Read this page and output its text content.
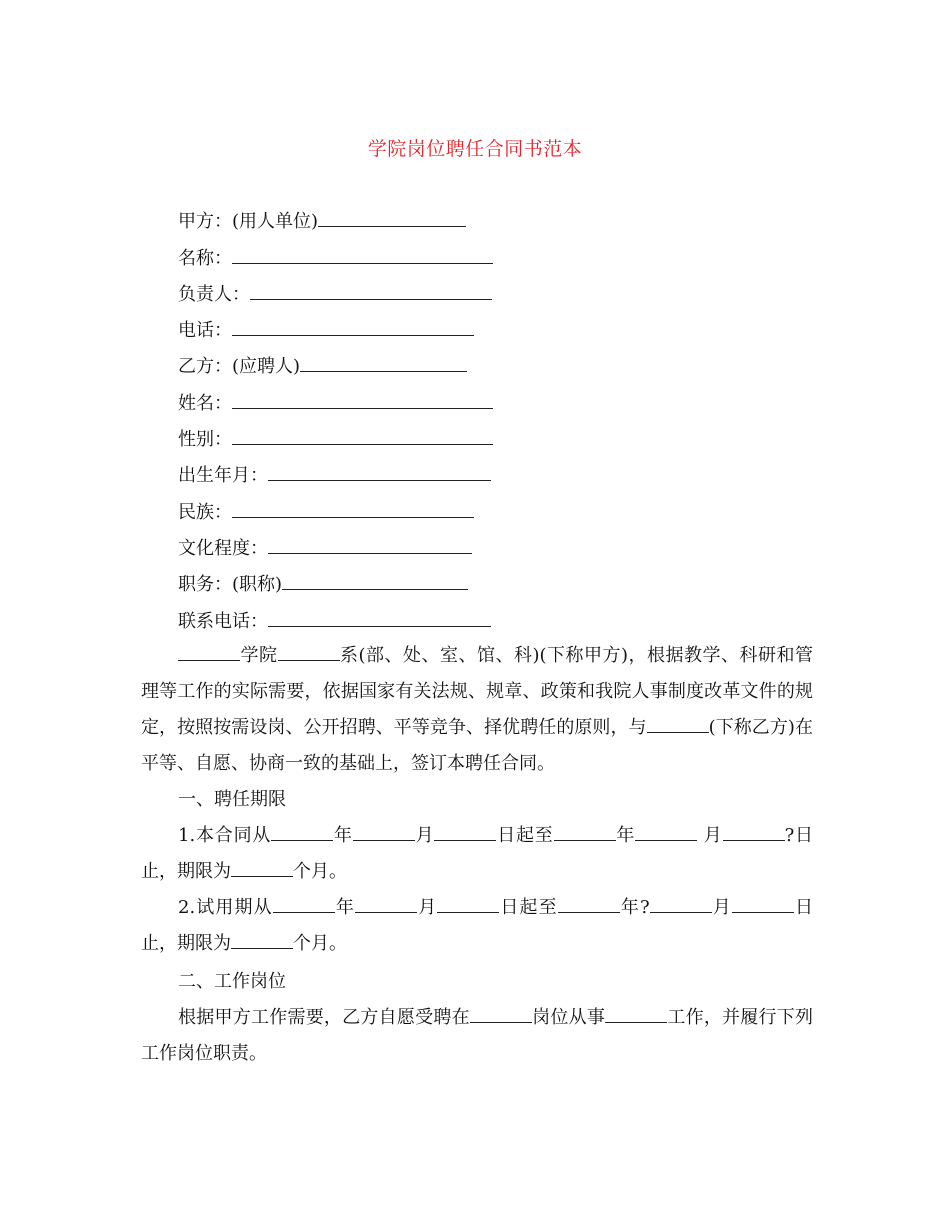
学院岗位聘任合同书范本
甲方：(用人单位)
名称：
负责人：
电话：
乙方：(应聘人)
姓名：
性别：
出生年月：
民族：
文化程度：
职务：(职称)
联系电话：
学院	系(部、处、室、馆、科)(下称甲方)，根据教学、科研和管理等工作的实际需要，依据国家有关法规、规章、政策和我院人事制度改革文件的规定，按照按需设岗、公开招聘、平等竞争、择优聘任的原则，与	(下称乙方)在平等、自愿、协商一致的基础上，签订本聘任合同。
一、聘任期限
1.本合同从	年	月	日起至	年	月	?日止，期限为	个月。
2.试用期从	年	月	日起至	年?	月	日止，期限为	个月。
二、工作岗位
根据甲方工作需要，乙方自愿受聘在	岗位从事	工作，并履行下列工作岗位职责。
